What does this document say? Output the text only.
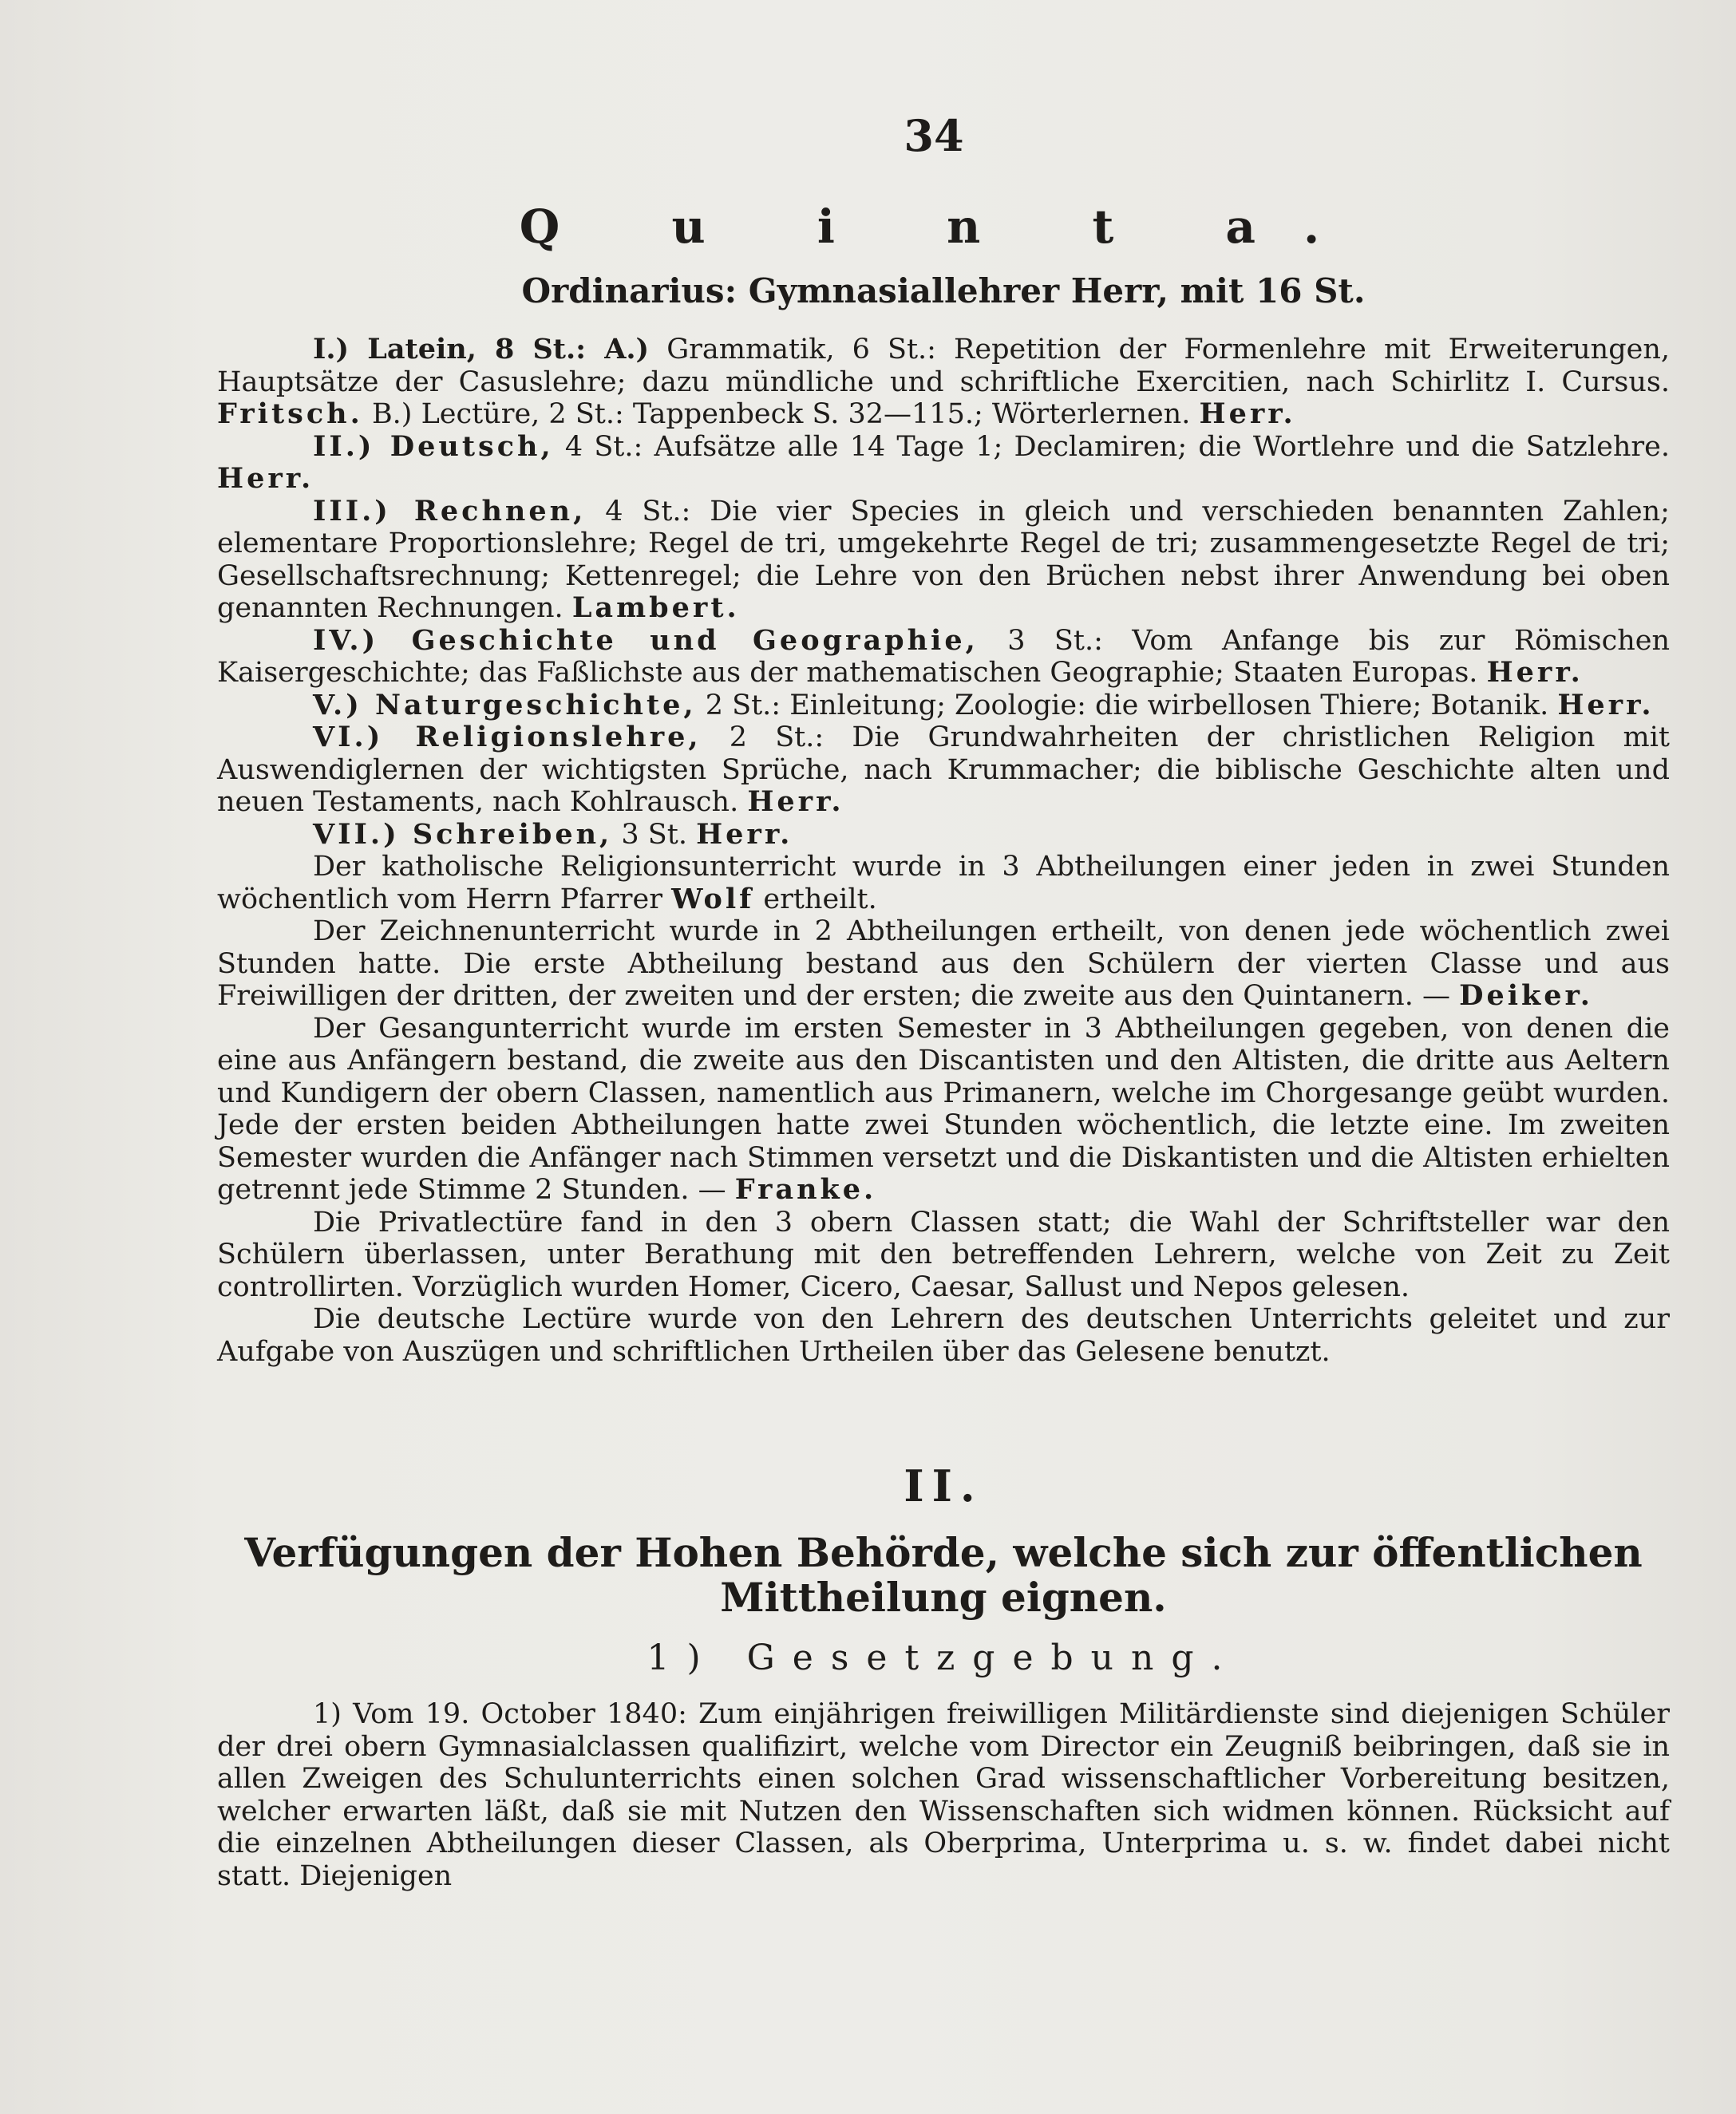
34
Q u i n t a.
Ordinarius: Gymnasiallehrer Herr, mit 16 St.

I.) Latein, 8 St.: A.) Grammatik, 6 St.: Repetition der Formenlehre mit Erweiterungen, Hauptsätze der Casuslehre; dazu mündliche und schriftliche Exercitien, nach Schirlitz I. Cursus. Fritsch. B.) Lectüre, 2 St.: Tappenbeck S. 32—115.; Wörterlernen. Herr.

II.) Deutsch, 4 St.: Aufsätze alle 14 Tage 1; Declamiren; die Wortlehre und die Satzlehre. Herr.

III.) Rechnen, 4 St.: Die vier Species in gleich und verschieden benannten Zahlen; elementare Proportionslehre; Regel de tri, umgekehrte Regel de tri; zusammengesetzte Regel de tri; Gesellschaftsrechnung; Kettenregel; die Lehre von den Brüchen nebst ihrer Anwendung bei oben genannten Rechnungen. Lambert.

IV.) Geschichte und Geographie, 3 St.: Vom Anfange bis zur Römischen Kaisergeschichte; das Faßlichste aus der mathematischen Geographie; Staaten Europas. Herr.

V.) Naturgeschichte, 2 St.: Einleitung; Zoologie: die wirbellosen Thiere; Botanik. Herr.

VI.) Religionslehre, 2 St.: Die Grundwahrheiten der christlichen Religion mit Auswendiglernen der wichtigsten Sprüche, nach Krummacher; die biblische Geschichte alten und neuen Testaments, nach Kohlrausch. Herr.

VII.) Schreiben, 3 St. Herr.

Der katholische Religionsunterricht wurde in 3 Abtheilungen einer jeden in zwei Stunden wöchentlich vom Herrn Pfarrer Wolf ertheilt.

Der Zeichnenunterricht wurde in 2 Abtheilungen ertheilt, von denen jede wöchentlich zwei Stunden hatte. Die erste Abtheilung bestand aus den Schülern der vierten Classe und aus Freiwilligen der dritten, der zweiten und der ersten; die zweite aus den Quintanern. — Deiker.

Der Gesangunterricht wurde im ersten Semester in 3 Abtheilungen gegeben, von denen die eine aus Anfängern bestand, die zweite aus den Discantisten und den Altisten, die dritte aus Aeltern und Kundigern der obern Classen, namentlich aus Primanern, welche im Chorgesange geübt wurden. Jede der ersten beiden Abtheilungen hatte zwei Stunden wöchentlich, die letzte eine. Im zweiten Semester wurden die Anfänger nach Stimmen versetzt und die Diskantisten und die Altisten erhielten getrennt jede Stimme 2 Stunden. — Franke.

Die Privatlectüre fand in den 3 obern Classen statt; die Wahl der Schriftsteller war den Schülern überlassen, unter Berathung mit den betreffenden Lehrern, welche von Zeit zu Zeit controllirten. Vorzüglich wurden Homer, Cicero, Caesar, Sallust und Nepos gelesen.

Die deutsche Lectüre wurde von den Lehrern des deutschen Unterrichts geleitet und zur Aufgabe von Auszügen und schriftlichen Urtheilen über das Gelesene benutzt.

II.
Verfügungen der Hohen Behörde, welche sich zur öffentlichen Mittheilung eignen.
1) Gesetzgebung.

1) Vom 19. October 1840: Zum einjährigen freiwilligen Militärdienste sind diejenigen Schüler der drei obern Gymnasialclassen qualifizirt, welche vom Director ein Zeugniß beibringen, daß sie in allen Zweigen des Schulunterrichts einen solchen Grad wissenschaftlicher Vorbereitung besitzen, welcher erwarten läßt, daß sie mit Nutzen den Wissenschaften sich widmen können. Rücksicht auf die einzelnen Abtheilungen dieser Classen, als Oberprima, Unterprima u. s. w. findet dabei nicht statt. Diejenigen
